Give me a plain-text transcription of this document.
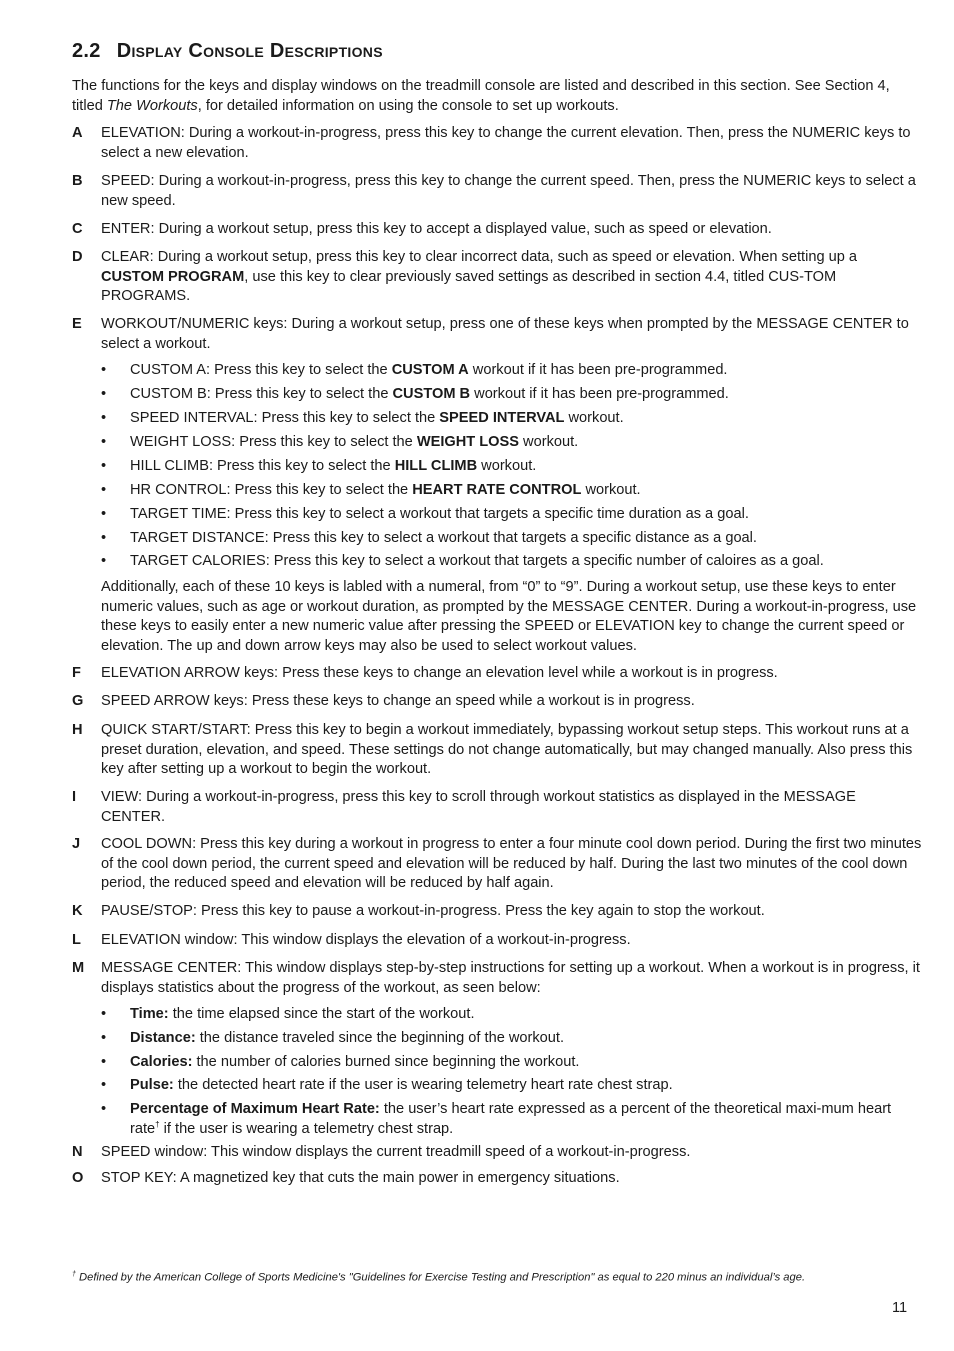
2.2 Display Console Descriptions
The functions for the keys and display windows on the treadmill console are listed and described in this section. See Section 4, titled The Workouts, for detailed information on using the console to set up workouts.
A ELEVATION: During a workout-in-progress, press this key to change the current elevation. Then, press the NUMERIC keys to select a new elevation.
B SPEED: During a workout-in-progress, press this key to change the current speed. Then, press the NUMERIC keys to select a new speed.
C ENTER: During a workout setup, press this key to accept a displayed value, such as speed or elevation.
D CLEAR: During a workout setup, press this key to clear incorrect data, such as speed or elevation. When setting up a CUSTOM PROGRAM, use this key to clear previously saved settings as described in section 4.4, titled CUS-TOM PROGRAMS.
E WORKOUT/NUMERIC keys: During a workout setup, press one of these keys when prompted by the MESSAGE CENTER to select a workout.
• CUSTOM A: Press this key to select the CUSTOM A workout if it has been pre-programmed.
• CUSTOM B: Press this key to select the CUSTOM B workout if it has been pre-programmed.
• SPEED INTERVAL: Press this key to select the SPEED INTERVAL workout.
• WEIGHT LOSS: Press this key to select the WEIGHT LOSS workout.
• HILL CLIMB: Press this key to select the HILL CLIMB workout.
• HR CONTROL: Press this key to select the HEART RATE CONTROL workout.
• TARGET TIME: Press this key to select a workout that targets a specific time duration as a goal.
• TARGET DISTANCE: Press this key to select a workout that targets a specific distance as a goal.
• TARGET CALORIES: Press this key to select a workout that targets a specific number of caloires as a goal.
Additionally, each of these 10 keys is labled with a numeral, from “0” to “9”. During a workout setup, use these keys to enter numeric values, such as age or workout duration, as prompted by the MESSAGE CENTER. During a workout-in-progress, use these keys to easily enter a new numeric value after pressing the SPEED or ELEVATION key to change the current speed or elevation. The up and down arrow keys may also be used to select workout values.
F ELEVATION ARROW keys: Press these keys to change an elevation level while a workout is in progress.
G SPEED ARROW keys: Press these keys to change an speed while a workout is in progress.
H QUICK START/START: Press this key to begin a workout immediately, bypassing workout setup steps. This workout runs at a preset duration, elevation, and speed. These settings do not change automatically, but may changed manually. Also press this key after setting up a workout to begin the workout.
I VIEW: During a workout-in-progress, press this key to scroll through workout statistics as displayed in the MESSAGE CENTER.
J COOL DOWN: Press this key during a workout in progress to enter a four minute cool down period. During the first two minutes of the cool down period, the current speed and elevation will be reduced by half. During the last two minutes of the cool down period, the reduced speed and elevation will be reduced by half again.
K PAUSE/STOP: Press this key to pause a workout-in-progress. Press the key again to stop the workout.
L ELEVATION window: This window displays the elevation of a workout-in-progress.
M MESSAGE CENTER: This window displays step-by-step instructions for setting up a workout. When a workout is in progress, it displays statistics about the progress of the workout, as seen below:
• Time: the time elapsed since the start of the workout.
• Distance: the distance traveled since the beginning of the workout.
• Calories: the number of calories burned since beginning the workout.
• Pulse: the detected heart rate if the user is wearing telemetry heart rate chest strap.
• Percentage of Maximum Heart Rate: the user’s heart rate expressed as a percent of the theoretical maxi-mum heart rate† if the user is wearing a telemetry chest strap.
N SPEED window: This window displays the current treadmill speed of a workout-in-progress.
O STOP KEY: A magnetized key that cuts the main power in emergency situations.
† Defined by the American College of Sports Medicine's "Guidelines for Exercise Testing and Prescription" as equal to 220 minus an individual’s age.
11
